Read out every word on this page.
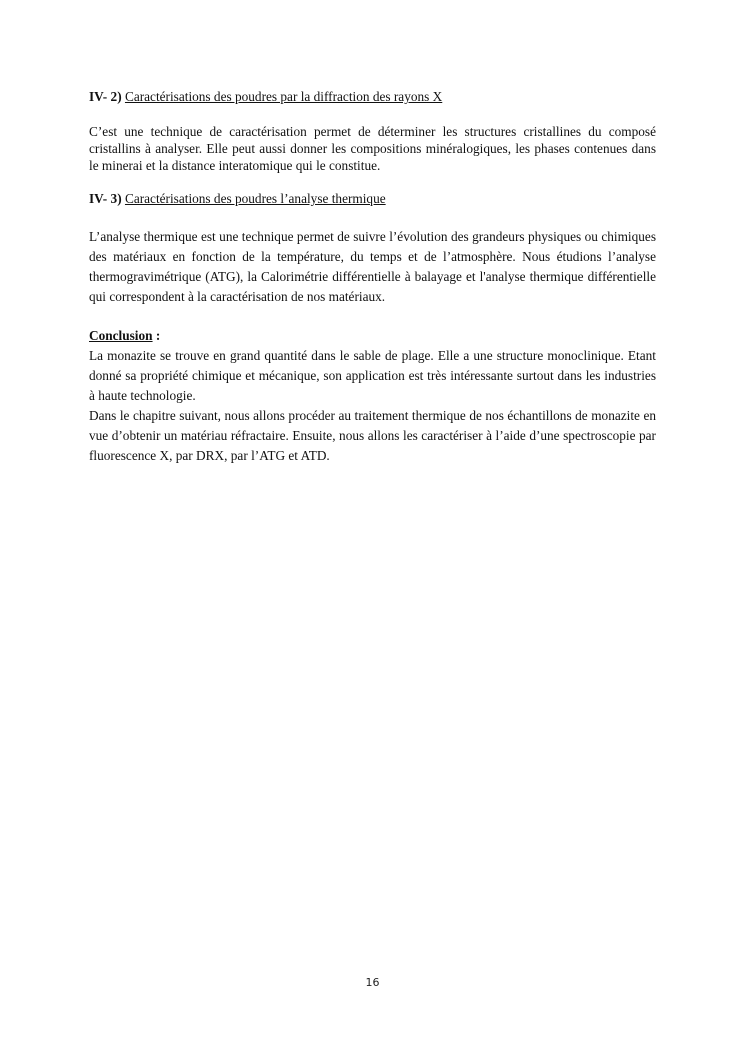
IV- 2) Caractérisations des poudres par la diffraction des rayons X

C’est une technique de caractérisation permet de déterminer les structures cristallines du composé cristallins à analyser. Elle peut aussi donner les compositions minéralogiques, les phases contenues dans le minerai et la distance interatomique qui le constitue.

IV- 3) Caractérisations des poudres l’analyse thermique

L’analyse thermique est une technique permet de suivre l’évolution des grandeurs physiques ou chimiques des matériaux en fonction de la température, du temps et de l’atmosphère. Nous étudions l’analyse thermogravimétrique (ATG), la Calorimétrie différentielle à balayage et l'analyse thermique différentielle qui correspondent à la caractérisation de nos matériaux.

Conclusion :

La monazite se trouve en grand quantité dans le sable de plage. Elle a une structure monoclinique. Etant donné sa propriété chimique et mécanique, son application est très intéressante surtout dans les industries à haute technologie.

Dans le chapitre suivant, nous allons procéder au traitement thermique de nos échantillons de monazite en vue d’obtenir un matériau réfractaire. Ensuite, nous allons les caractériser à l’aide d’une spectroscopie par fluorescence X, par DRX, par l’ATG et ATD.

16
